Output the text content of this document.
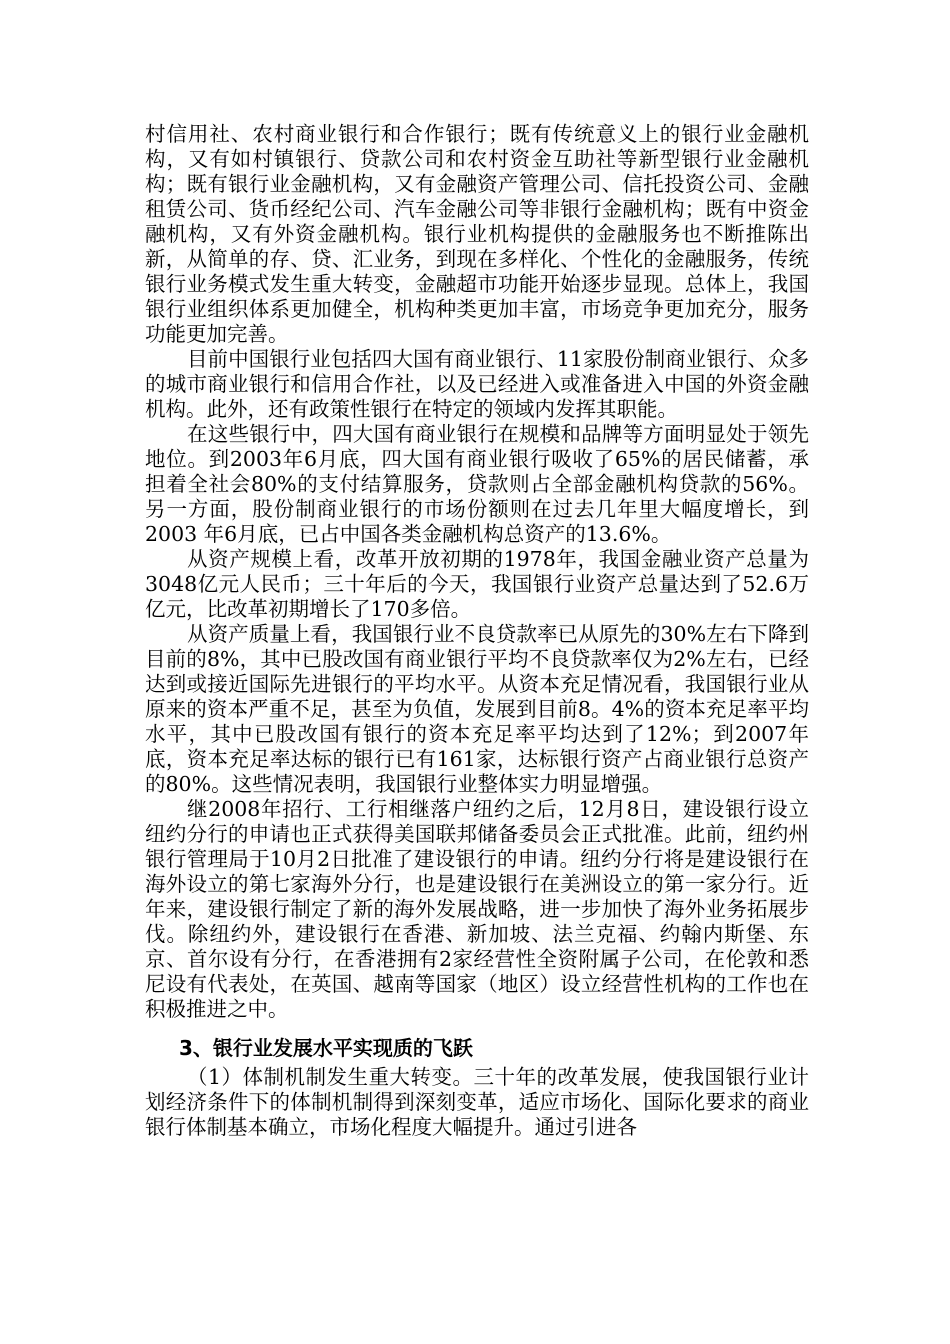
村信用社、农村商业银行和合作银行；既有传统意义上的银行业金融机构，又有如村镇银行、贷款公司和农村资金互助社等新型银行业金融机构；既有银行业金融机构，又有金融资产管理公司、信托投资公司、金融租赁公司、货币经纪公司、汽车金融公司等非银行金融机构；既有中资金融机构，又有外资金融机构。银行业机构提供的金融服务也不断推陈出新，从简单的存、贷、汇业务，到现在多样化、个性化的金融服务，传统银行业务模式发生重大转变，金融超市功能开始逐步显现。总体上，我国银行业组织体系更加健全，机构种类更加丰富，市场竞争更加充分，服务功能更加完善。

目前中国银行业包括四大国有商业银行、11家股份制商业银行、众多的城市商业银行和信用合作社，以及已经进入或准备进入中国的外资金融机构。此外，还有政策性银行在特定的领域内发挥其职能。

在这些银行中，四大国有商业银行在规模和品牌等方面明显处于领先地位。到2003年6月底，四大国有商业银行吸收了65%的居民储蓄，承担着全社会80%的支付结算服务，贷款则占全部金融机构贷款的56%。另一方面，股份制商业银行的市场份额则在过去几年里大幅度增长，到2003 年6月底，已占中国各类金融机构总资产的13.6%。

从资产规模上看，改革开放初期的1978年，我国金融业资产总量为3048亿元人民币；三十年后的今天，我国银行业资产总量达到了52.6万亿元，比改革初期增长了170多倍。

从资产质量上看，我国银行业不良贷款率已从原先的30%左右下降到目前的8%，其中已股改国有商业银行平均不良贷款率仅为2%左右，已经达到或接近国际先进银行的平均水平。从资本充足情况看，我国银行业从原来的资本严重不足，甚至为负值，发展到目前8。4%的资本充足率平均水平，其中已股改国有银行的资本充足率平均达到了12%；到2007年底，资本充足率达标的银行已有161家，达标银行资产占商业银行总资产的80%。这些情况表明，我国银行业整体实力明显增强。

继2008年招行、工行相继落户纽约之后，12月8日，建设银行设立纽约分行的申请也正式获得美国联邦储备委员会正式批准。此前，纽约州银行管理局于10月2日批准了建设银行的申请。纽约分行将是建设银行在海外设立的第七家海外分行，也是建设银行在美洲设立的第一家分行。近年来，建设银行制定了新的海外发展战略，进一步加快了海外业务拓展步伐。除纽约外，建设银行在香港、新加坡、法兰克福、约翰内斯堡、东京、首尔设有分行，在香港拥有2家经营性全资附属子公司，在伦敦和悉尼设有代表处，在英国、越南等国家（地区）设立经营性机构的工作也在积极推进之中。

3、银行业发展水平实现质的飞跃

（1）体制机制发生重大转变。三十年的改革发展，使我国银行业计划经济条件下的体制机制得到深刻变革，适应市场化、国际化要求的商业银行体制基本确立，市场化程度大幅提升。通过引进各
